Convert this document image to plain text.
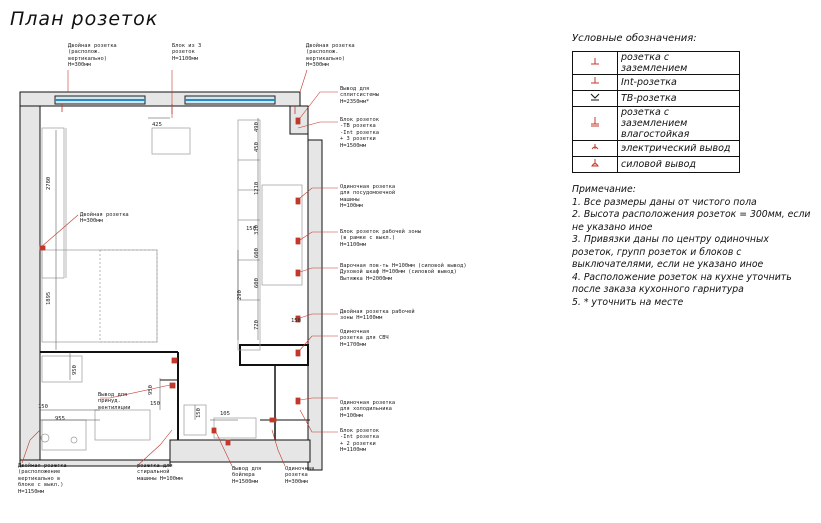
План розеток
425
2780
1895
950
150
955
150
950
150	105
490
450
1210
310
600
600
290
720	150
150
Двойная розетка
(располож.
вертикально)
Н=300мм
Блок из 3
розеток
Н=1100мм
Двойная розетка
(располож.
вертикально)
Н=300мм
Вывод для
сплитсистемы
Н=2350мм*
Блок розеток
-ТВ розетка
-Int розетка
+ 3 розетки
Н=1500мм
Одиночная розетка
для посудомоечной
машины
Н=100мм
Двойная розетка
Н=300мм
Блок розеток рабочей зоны
(в рамке с выкл.)
Н=1100мм
Варочная пов-ть Н=100мм (силовой вывод)
Духовой шкаф Н=100мм (силовой вывод)
Вытяжка Н=2000мм
Двойная розетка рабочей
зоны Н=1100мм
Одиночная
розетка для СВЧ
Н=1700мм
Одиночная розетка
для холодильника
Н=100мм
Блок розеток
-Int розетка
+ 2 розетки
Н=1100мм
Двойная розетка
(расположение
вертикально в
блоке с выкл.)
Н=1150мм
Вывод для
принуд.
вентиляции
розетка для
стиральной
машины Н=100мм
Вывод для
бойлера
Н=1500мм
Одиночная
розетка
Н=300мм
Условные обозначения:
	розетка с заземлением
	Int-розетка
	ТВ-розетка
	розетка с заземлением влагостойкая
	электрический вывод
	силовой вывод
Примечание:
1. Все размеры даны от чистого пола
2. Высота расположения розеток = 300мм, если не указано иное
3. Привязки даны по центру одиночных розеток, групп розеток и блоков с выключателями, если не указано иное
4. Расположение розеток на кухне уточнить после заказа кухонного гарнитура
5. * уточнить на месте
